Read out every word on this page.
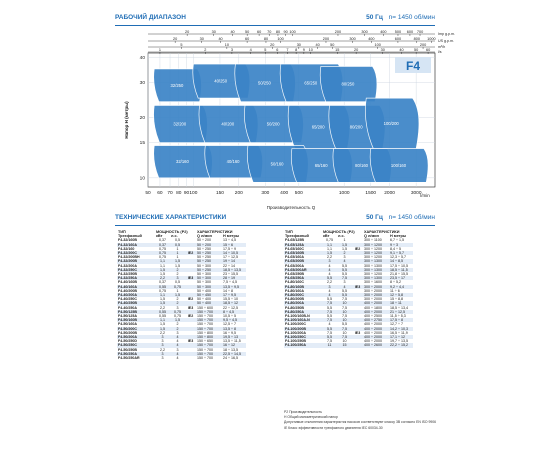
РАБОЧИЙ ДИАПАЗОН	50 Гц n= 1450 об/мин
32/250
40/250	50/250	65/250	80/250
32/200	40/200	50/200
65/200	80/200
100/200
32/160	40/160	50/160	65/160	80/160	100/160
50 60 70 80 90 100	150 200	300 400 500	1000	1500 2000	3000
10
15
20
30
40
20	30	40	50 60 70 80 90 100	200	300	400 500 600 700
Imp g.p.m.
20	30	40	60	80 100	200	300	400	600	800 1000
US g.p.m.
5	10	20	30	40	50	100	200
m³/h
1	2	3	4	5	6 7 8 9 10	15	20	30	40	50 60
l/s
F4
Напор H (метры)
Производительность Q
l/min
ТЕХНИЧЕСКИЕ ХАРАКТЕРИСТИКИ	50 Гц n= 1450 об/мин
ТИП	МОЩНОСТЬ (P2)			ХАРАКТЕРИСТИКИ	
Трехфазный	кВт	л.с.		Q л/мин	H метры
F4-32/160B	0,37	0,5		50 ÷ 200	13 ÷ 4,5
F4-32/160A	0,37	0,5		50 ÷ 200	15 ÷ 6
F4-32/160	0,75	1		50 ÷ 250	17,5 ÷ 9
F4-32/200C	0,75	1	IE2	50 ÷ 250	14 ÷ 10,5
F4-32/200BH	0,75	1		50 ÷ 250	17 ÷ 12,5
F4-32/200B	1,1	1,5		50 ÷ 250	19 ÷ 14
F4-32/200A	1,1	1,5		50 ÷ 300	22 ÷ 14
F4-32/250C	1,5	2		50 ÷ 250	18,5 ÷ 13,5
F4-32/250B	1,5	2		50 ÷ 300	23 ÷ 15,5
F4-32/250A	2,2	3	IE3	50 ÷ 300	28 ÷ 19
F4-40/160B	0,37	0,5		50 ÷ 300	7,5 ÷ 4,5
F4-40/160A	0,55	0,75		50 ÷ 300	13,5 ÷ 9,5
F4-40/200B	0,75	1		50 ÷ 400	14 ÷ 8
F4-40/200A	1,1	1,5		50 ÷ 450	17 ÷ 9,5
F4-40/250C	1,5	2	IE2	50 ÷ 400	15,5 ÷ 10
F4-40/250B	1,5	2		50 ÷ 400	18,5 ÷ 12
F4-40/250A	2,2	3	IE3	150 ÷ 600	22 ÷ 12,5
F4-50/125B	0,55	0,75		150 ÷ 700	8 ÷ 4,5
F4-50/125A	0,55	0,75	IE2	150 ÷ 700	10,5 ÷ 5
F4-50/160B	1,1	1,5		150 ÷ 700	9,5 ÷ 4,5
F4-50/160A	1,5	2		150 ÷ 700	12,5 ÷ 7
F4-50/200C	1,5	2		150 ÷ 700	13,5 ÷ 8
F4-50/200B	2,2	3		150 ÷ 800	16 ÷ 9,5
F4-50/200A	3	4		150 ÷ 800	19,5 ÷ 13
F4-50/250D	3	4	IE3	150 ÷ 650	13,5 ÷ 11,5
F4-50/250C	3	4		150 ÷ 700	16 ÷ 12
F4-50/250B	2,2	3		150 ÷ 700	18 ÷ 13,5
F4-50/250A	3	4		150 ÷ 700	22,5 ÷ 14,5
F4-50/250AR	3	4		150 ÷ 700	24 ÷ 16,5
ТИП	МОЩНОСТЬ (P2)			ХАРАКТЕРИСТИКИ	
Трехфазный	кВт	л.с.		Q л/мин	H метры
F4-65/125B	0,75	1		300 ÷ 1100	6,7 ÷ 1,5
F4-65/125A	1,1	1,5		300 ÷ 1200	9 ÷ 3
F4-65/160C	1,1	1,5	IE2	300 ÷ 1200	8,4 ÷ 5
F4-65/160B	1,5	2		300 ÷ 1200	9,1 ÷ 5,7
F4-65/160A	2,2	3		300 ÷ 1200	12,3 ÷ 5,7
F4-65/200B	3	4		300 ÷ 1300	14 ÷ 8,5
F4-65/200A	4	5,5		300 ÷ 1300	17,5 ÷ 10,5
F4-65/200AR	4	5,5		300 ÷ 1300	18,5 ÷ 11,5
F4-65/250B	4	5,5		300 ÷ 1200	21,8 ÷ 15,5
F4-65/250A	5,5	7,5		300 ÷ 1300	23,5 ÷ 17
F4-80/160C	2,2	3		300 ÷ 1600	8 ÷ 5,2
F4-80/160B	3	4	IE3	300 ÷ 2000	9,2 ÷ 4,4
F4-80/160A	4	5,5		300 ÷ 2000	11 ÷ 6
F4-80/200C	4	5,5		300 ÷ 2000	12 ÷ 5,8
F4-80/200B	5,5	7,5		300 ÷ 2000	15 ÷ 8,8
F4-80/200A	7,5	10		400 ÷ 2000	18 ÷ 11
F4-80/250B	5,5	7,5		400 ÷ 1800	18,5 ÷ 13,4
F4-80/250A	7,5	10		400 ÷ 2000	21 ÷ 12,5
F4-100/160B-N	5,5	7,5		400 ÷ 2500	11,5 ÷ 5,3
F4-100/160A-N	7,5	10		400 ÷ 2750	17,5 ÷ 8
F4-100/200C	4	5,5		400 ÷ 2000	12,7 ÷ 7
F4-100/200B	5,5	7,5		400 ÷ 2000	14,2 ÷ 10,3
F4-100/200A	7,5	10	IE3	400 ÷ 2000	16,5 ÷ 11,9
F4-100/250C	5,5	7,5		400 ÷ 2000	17,1 ÷ 12
F4-100/250B	7,5	10		400 ÷ 2000	19,7 ÷ 13,5
F4-100/250A	11	15		400 ÷ 2600	22,2 ÷ 15,2
P2 Производительность
H Общий манометрический напор
Допустимые отклонения характеристик насосов соответствуют классу 3B согласно EN ISO 9906
IE Класс эффективности трехфазного двигателя IEC 60034-30
